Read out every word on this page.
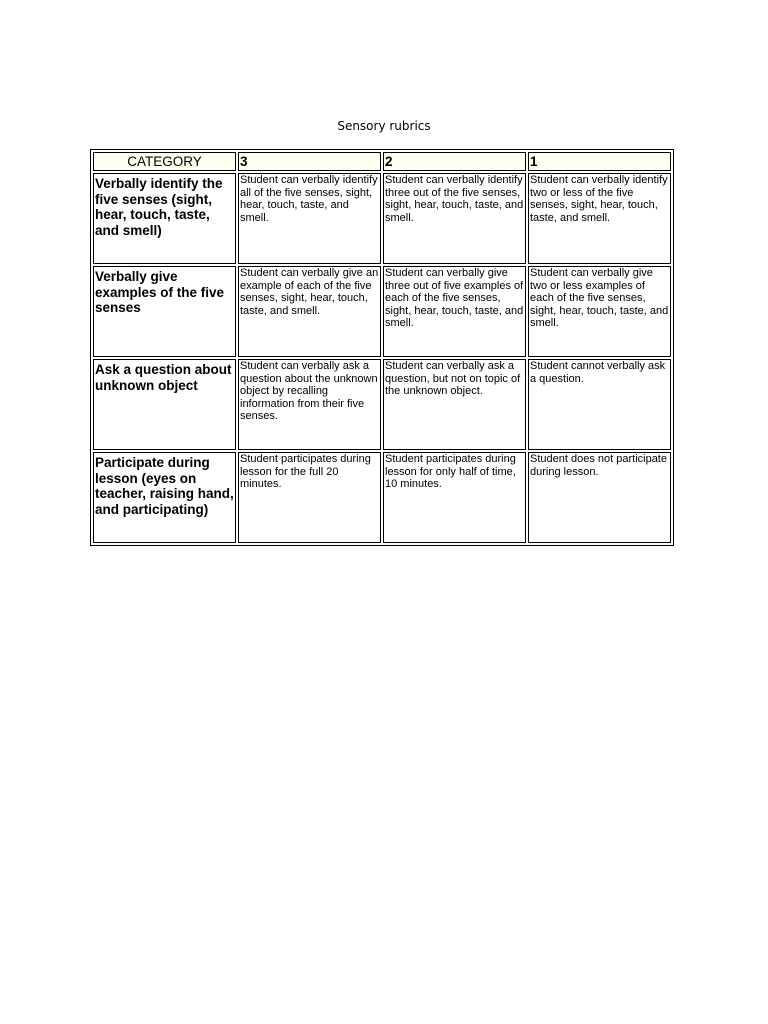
Sensory rubrics
CATEGORY	3	2	1
Verbally identify the five senses (sight, hear, touch, taste, and smell)	Student can verbally identify all of the five senses, sight, hear, touch, taste, and smell.	Student can verbally identify three out of the five senses, sight, hear, touch, taste, and smell.	Student can verbally identify two or less of the five senses, sight, hear, touch, taste, and smell.
Verbally give examples of the five senses	Student can verbally give an example of each of the five senses, sight, hear, touch, taste, and smell.	Student can verbally give three out of five examples of each of the five senses, sight, hear, touch, taste, and smell.	Student can verbally give two or less examples of each of the five senses, sight, hear, touch, taste, and smell.
Ask a question about unknown object	Student can verbally ask a question about the unknown object by recalling information from their five senses.	Student can verbally ask a question, but not on topic of the unknown object.	Student cannot verbally ask a question.
Participate during lesson (eyes on teacher, raising hand, and participating)	Student participates during lesson for the full 20 minutes.	Student participates during lesson for only half of time, 10 minutes.	Student does not participate during lesson.
